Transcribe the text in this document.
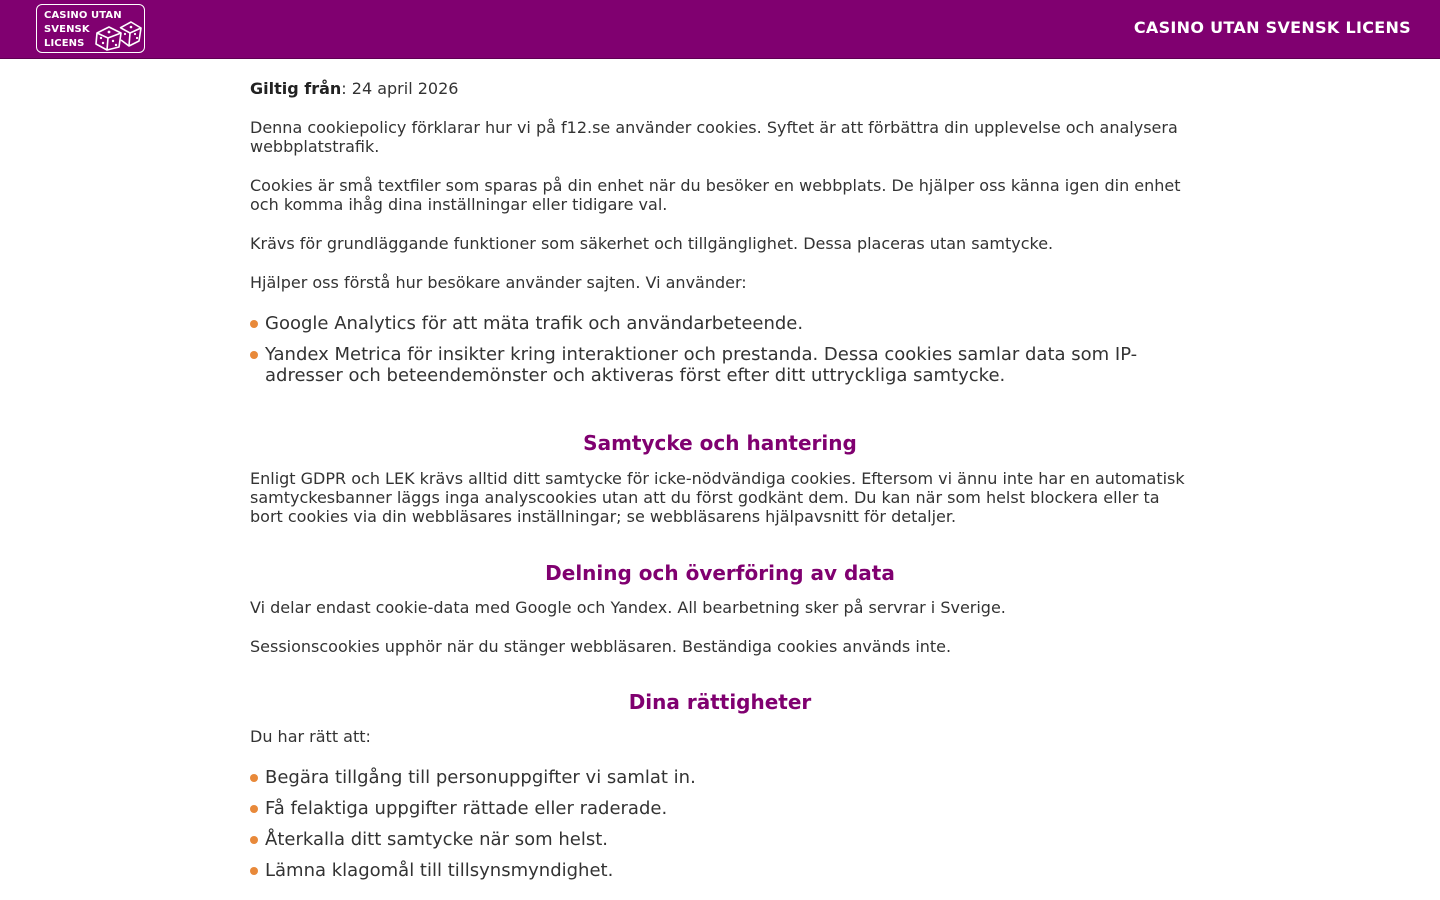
CASINO UTAN
SVENSK
LICENS
CASINO UTAN SVENSK LICENS

Giltig från: 24 april 2026

Denna cookiepolicy förklarar hur vi på f12.se använder cookies. Syftet är att förbättra din upplevelse och analysera webbplatstrafik.

Cookies är små textfiler som sparas på din enhet när du besöker en webbplats. De hjälper oss känna igen din enhet och komma ihåg dina inställningar eller tidigare val.

Krävs för grundläggande funktioner som säkerhet och tillgänglighet. Dessa placeras utan samtycke.

Hjälper oss förstå hur besökare använder sajten. Vi använder:

Google Analytics för att mäta trafik och användarbeteende.
Yandex Metrica för insikter kring interaktioner och prestanda. Dessa cookies samlar data som IP-adresser och beteendemönster och aktiveras först efter ditt uttryckliga samtycke.
Samtycke och hantering

Enligt GDPR och LEK krävs alltid ditt samtycke för icke-nödvändiga cookies. Eftersom vi ännu inte har en automatisk samtyckesbanner läggs inga analyscookies utan att du först godkänt dem. Du kan när som helst blockera eller ta bort cookies via din webbläsares inställningar; se webbläsarens hjälpavsnitt för detaljer.

Delning och överföring av data

Vi delar endast cookie-data med Google och Yandex. All bearbetning sker på servrar i Sverige.

Sessionscookies upphör när du stänger webbläsaren. Beständiga cookies används inte.

Dina rättigheter

Du har rätt att:

Begära tillgång till personuppgifter vi samlat in.
Få felaktiga uppgifter rättade eller raderade.
Återkalla ditt samtycke när som helst.
Lämna klagomål till tillsynsmyndighet.
